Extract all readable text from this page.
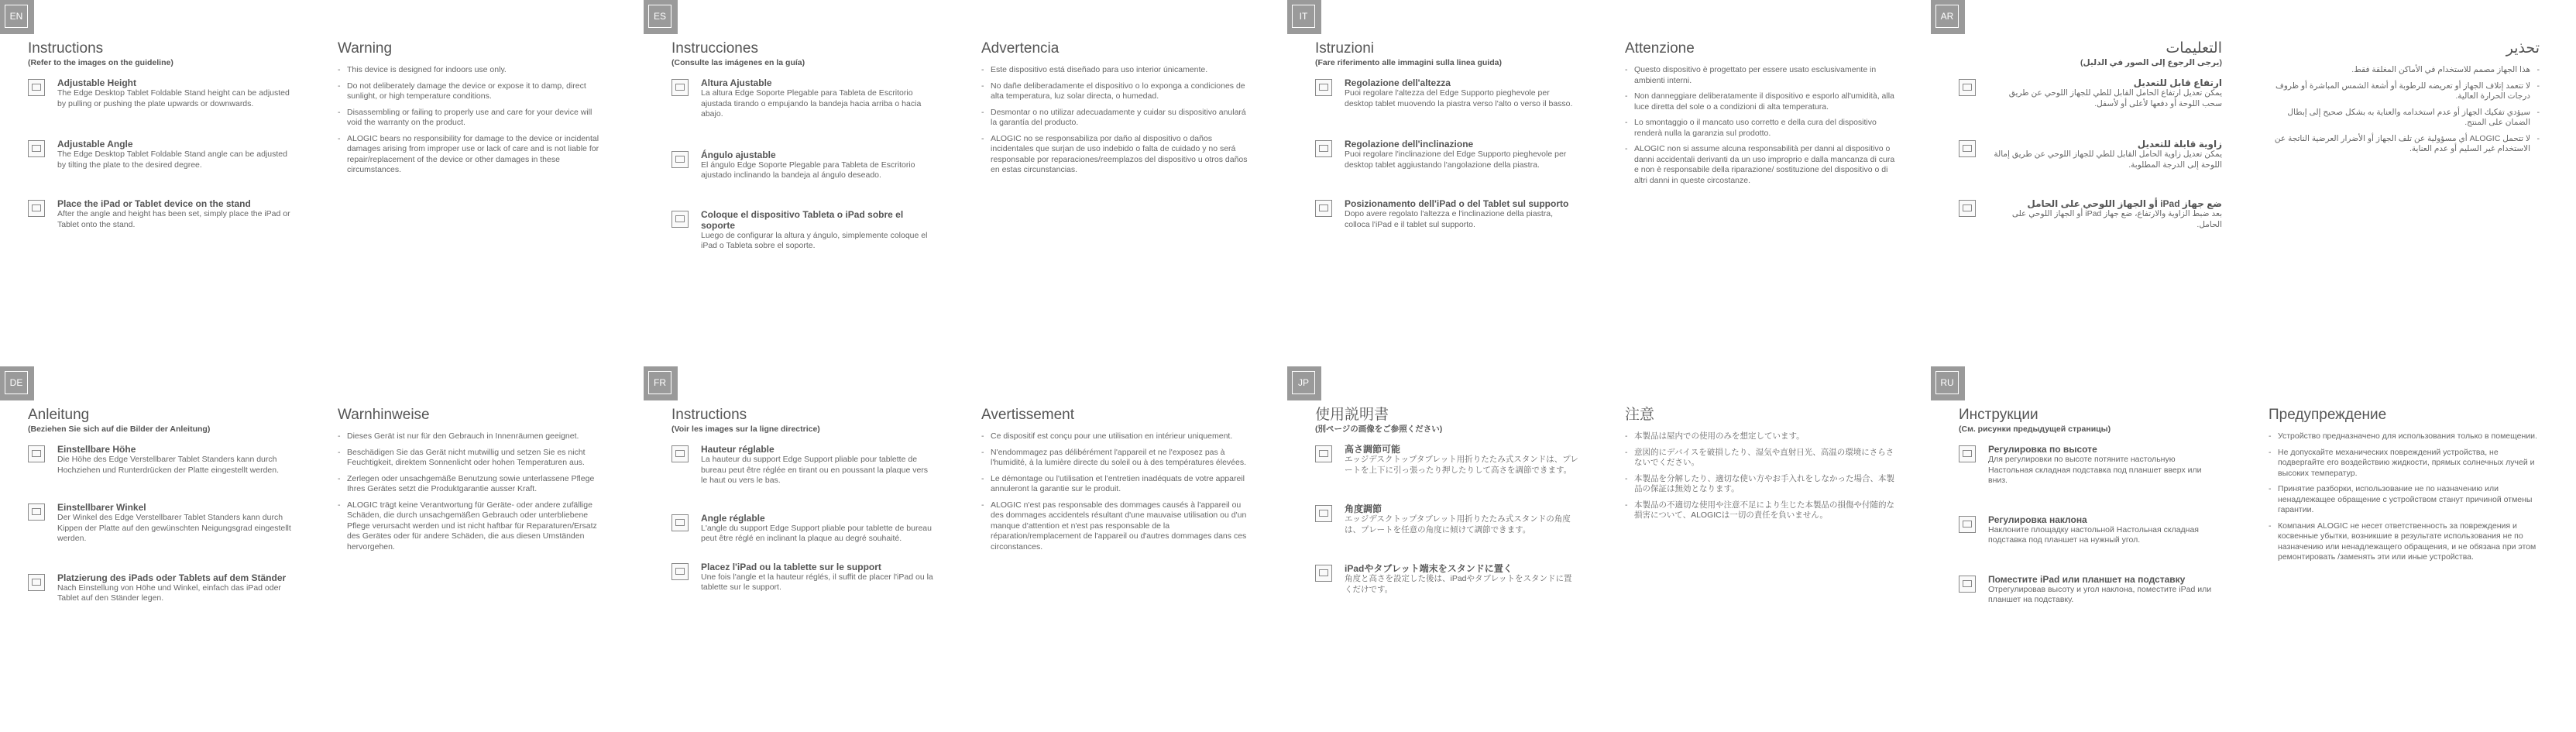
EN
Instructions
(Refer to the images on the guideline)
Adjustable Height
The Edge Desktop Tablet Foldable Stand height can be adjusted by pulling or pushing the plate upwards or downwards.
Adjustable Angle
The Edge Desktop Tablet Foldable Stand angle can be adjusted by tilting the plate to the desired degree.
Place the iPad or Tablet device on the stand
After the angle and height has been set, simply place the iPad or Tablet onto the stand.
Warning
- This device is designed for indoors use only.
- Do not deliberately damage the device or expose it to damp, direct sunlight, or high temperature conditions.
- Disassembling or failing to properly use and care for your device will void the warranty on the product.
- ALOGIC bears no responsibility for damage to the device or incidental damages arising from improper use or lack of care and is not liable for repair/replacement of the device or other damages in these circumstances.
ES
Instrucciones
(Consulte las imágenes en la guía)
Altura Ajustable
La altura Edge Soporte Plegable para Tableta de Escritorio ajustada tirando o empujando la bandeja hacia arriba o hacia abajo.
Ángulo ajustable
El ángulo Edge Soporte Plegable para Tableta de Escritorio ajustado inclinando la bandeja al ángulo deseado.
Coloque el dispositivo Tableta o iPad sobre el soporte
Luego de configurar la altura y ángulo, simplemente coloque el iPad o Tableta sobre el soporte.
Advertencia
- Este dispositivo está diseñado para uso interior únicamente.
- No dañe deliberadamente el dispositivo o lo exponga a condiciones de alta temperatura, luz solar directa, o humedad.
- Desmontar o no utilizar adecuadamente y cuidar su dispositivo anulará la garantía del producto.
- ALOGIC no se responsabiliza por daño al dispositivo o daños incidentales que surjan de uso indebido o falta de cuidado y no será responsable por reparaciones/reemplazos del dispositivo u otros daños en estas circunstancias.
IT
Istruzioni
(Fare riferimento alle immagini sulla linea guida)
Regolazione dell'altezza
Puoi regolare l'altezza del Edge Supporto pieghevole per desktop tablet muovendo la piastra verso l'alto o verso il basso.
Regolazione dell'inclinazione
Puoi regolare l'inclinazione del Edge Supporto pieghevole per desktop tablet aggiustando l'angolazione della piastra.
Posizionamento dell'iPad o del Tablet sul supporto
Dopo avere regolato l'altezza e l'inclinazione della piastra, colloca l'iPad e il tablet sul supporto.
Attenzione
- Questo dispositivo è progettato per essere usato esclusivamente in ambienti interni.
- Non danneggiare deliberatamente il dispositivo e esporlo all'umidità, alla luce diretta del sole o a condizioni di alta temperatura.
- Lo smontaggio o il mancato uso corretto e della cura del dispositivo renderà nulla la garanzia sul prodotto.
- ALOGIC non si assume alcuna responsabilità per danni al dispositivo o danni accidentali derivanti da un uso improprio e dalla mancanza di cura e non è responsabile della riparazione/ sostituzione del dispositivo o di altri danni in queste circostanze.
AR
التعليمات
(يرجى الرجوع إلى الصور في الدليل)
ارتفاع قابل للتعديل
يمكن تعديل ارتفاع الحامل القابل للطي للجهاز اللوحي عن طريق سحب اللوحة أو دفعها لأعلى أو لأسفل.
زاوية قابلة للتعديل
يمكن تعديل زاوية الحامل القابل للطي للجهاز اللوحي عن طريق إمالة اللوحة إلى الدرجة المطلوبة.
ضع جهاز iPad أو الجهاز اللوحي على الحامل
بعد ضبط الزاوية والارتفاع، ضع جهاز iPad أو الجهاز اللوحي على الحامل.
تحذير
- هذا الجهاز مصمم للاستخدام في الأماكن المغلقة فقط.
- لا تتعمد إتلاف الجهاز أو تعريضه للرطوبة أو أشعة الشمس المباشرة أو ظروف درجات الحرارة العالية.
- سيؤدي تفكيك الجهاز أو عدم استخدامه والعناية به بشكل صحيح إلى إبطال الضمان على المنتج.
- لا تتحمل ALOGIC أي مسؤولية عن تلف الجهاز أو الأضرار العرضية الناتجة عن الاستخدام غير السليم أو عدم العناية.
DE
Anleitung
(Beziehen Sie sich auf die Bilder der Anleitung)
Einstellbare Höhe
Die Höhe des Edge Verstellbarer Tablet Standers kann durch Hochziehen und Runterdrücken der Platte eingestellt werden.
Einstellbarer Winkel
Der Winkel des Edge Verstellbarer Tablet Standers kann durch Kippen der Platte auf den gewünschten Neigungsgrad eingestellt werden.
Platzierung des iPads oder Tablets auf dem Ständer
Nach Einstellung von Höhe und Winkel, einfach das iPad oder Tablet auf den Ständer legen.
Warnhinweise
- Dieses Gerät ist nur für den Gebrauch in Innenräumen geeignet.
- Beschädigen Sie das Gerät nicht mutwillig und setzen Sie es nicht Feuchtigkeit, direktem Sonnenlicht oder hohen Temperaturen aus.
- Zerlegen oder unsachgemäße Benutzung sowie unterlassene Pflege Ihres Gerätes setzt die Produktgarantie ausser Kraft.
- ALOGIC trägt keine Verantwortung für Geräte- oder andere zufällige Schäden, die durch unsachgemäßen Gebrauch oder unterbliebene Pflege verursacht werden und ist nicht haftbar für Reparaturen/Ersatz des Gerätes oder für andere Schäden, die aus diesen Umständen hervorgehen.
FR
Instructions
(Voir les images sur la ligne directrice)
Hauteur réglable
La hauteur du support Edge Support pliable pour tablette de bureau peut être réglée en tirant ou en poussant la plaque vers le haut ou vers le bas.
Angle réglable
L'angle du support Edge Support pliable pour tablette de bureau peut être réglé en inclinant la plaque au degré souhaité.
Placez l'iPad ou la tablette sur le support
Une fois l'angle et la hauteur réglés, il suffit de placer l'iPad ou la tablette sur le support.
Avertissement
- Ce dispositif est conçu pour une utilisation en intérieur uniquement.
- N'endommagez pas délibérément l'appareil et ne l'exposez pas à l'humidité, à la lumière directe du soleil ou à des températures élevées.
- Le démontage ou l'utilisation et l'entretien inadéquats de votre appareil annuleront la garantie sur le produit.
- ALOGIC n'est pas responsable des dommages causés à l'appareil ou des dommages accidentels résultant d'une mauvaise utilisation ou d'un manque d'attention et n'est pas responsable de la réparation/remplacement de l'appareil ou d'autres dommages dans ces circonstances.
JP
使用説明書
(別ページの画像をご参照ください)
高さ調節可能
エッジデスクトップタブレット用折りたたみ式スタンドは、プレートを上下に引っ張ったり押したりして高さを調節できます。
角度調節
エッジデスクトップタブレット用折りたたみ式スタンドの角度は、プレートを任意の角度に傾けて調節できます。
iPadやタブレット端末をスタンドに置く
角度と高さを設定した後は、iPadやタブレットをスタンドに置くだけです。
注意
- 本製品は屋内での使用のみを想定しています。
- 意図的にデバイスを破損したり、湿気や直射日光、高温の環境にさらさないでください。
- 本製品を分解したり、適切な使い方やお手入れをしなかった場合、本製品の保証は無効となります。
- 本製品の不適切な使用や注意不足により生じた本製品の損傷や付随的な損害について、ALOGICは一切の責任を負いません。
RU
Инструкции
(См. рисунки предыдущей страницы)
Регулировка по высоте
Для регулировки по высоте потяните настольную Настольная складная подставка под планшет вверх или вниз.
Регулировка наклона
Наклоните площадку настольной Настольная складная подставка под планшет на нужный угол.
Поместите iPad или планшет на подставку
Отрегулировав высоту и угол наклона, поместите iPad или планшет на подставку.
Предупреждение
- Устройство предназначено для использования только в помещении.
- Не допускайте механических повреждений устройства, не подвергайте его воздействию жидкости, прямых солнечных лучей и высоких температур.
- Принятие разборки, использование не по назначению или ненадлежащее обращение с устройством станут причиной отмены гарантии.
- Компания ALOGIC не несет ответственность за повреждения и косвенные убытки, возникшие в результате использования не по назначению или ненадлежащего обращения, и не обязана при этом ремонтировать /заменять эти или иные устройства.
